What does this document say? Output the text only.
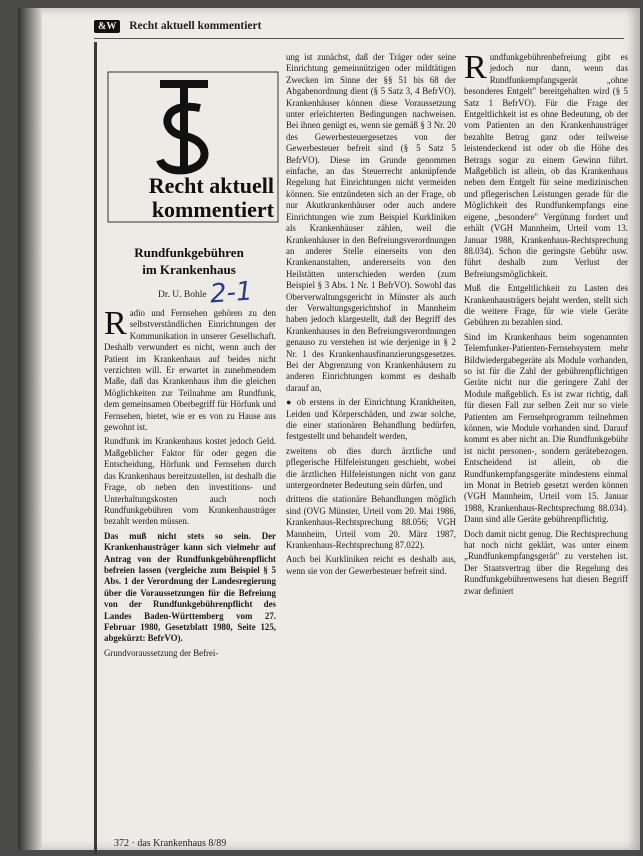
&W Recht aktuell kommentiert
Recht aktuell
kommentiert
Rundfunkgebühren
im Krankenhaus
Dr. U. Bohle 2-1

Radio und Fernsehen gehören zu den selbstverständlichen Einrichtungen der Kommunikation in unserer Gesellschaft. Deshalb verwundert es nicht, wenn auch der Patient im Krankenhaus auf beides nicht verzichten will. Er erwartet in zunehmendem Maße, daß das Krankenhaus ihm die gleichen Möglichkeiten zur Teilnahme am Rundfunk, dem gemeinsamen Oberbegriff für Hörfunk und Fernsehen, bietet, wie er es von zu Hause aus gewohnt ist.

Rundfunk im Krankenhaus kostet jedoch Geld. Maßgeblicher Faktor für oder gegen die Entscheidung, Hörfunk und Fernsehen durch das Krankenhaus bereitzustellen, ist deshalb die Frage, ob neben den investitions- und Unterhaltungskosten auch noch Rundfunkgebühren vom Krankenhausträger bezahlt werden müssen.

Das muß nicht stets so sein. Der Krankenhausträger kann sich vielmehr auf Antrag von der Rundfunkgebührenpflicht befreien lassen (vergleiche zum Beispiel § 5 Abs. 1 der Verordnung der Landesregierung über die Voraussetzungen für die Befreiung von der Rundfunkgebührenpflicht des Landes Baden-Württemberg vom 27. Februar 1980, Gesetzblatt 1980, Seite 125, abgekürzt: BefrVO).

Grundvoraussetzung der Befrei-

ung ist zunächst, daß der Träger oder seine Einrichtung gemeinnützigen oder mildtätigen Zwecken im Sinne der §§ 51 bis 68 der Abgabenordnung dient (§ 5 Satz 3, 4 BefrVO). Krankenhäuser können diese Voraussetzung unter erleichterten Bedingungen nachweisen. Bei ihnen genügt es, wenn sie gemäß § 3 Nr. 20 des Gewerbesteuergesetzes von der Gewerbesteuer befreit sind (§ 5 Satz 5 BefrVO). Diese im Grunde genommen einfache, an das Steuerrecht anknüpfende Regelung hat Einrichtungen nicht vermeiden können. Sie entzündeten sich an der Frage, ob nur Akutkrankenhäuser oder auch andere Einrichtungen wie zum Beispiel Kurkliniken als Krankenhäuser zählen, weil die Krankenhäuser in den Befreiungsverordnungen an anderer Stelle einerseits von den Krankenanstalten, andererseits von den Heilstätten unterschieden werden (zum Beispiel § 3 Abs. 1 Nr. 1 BefrVO). Sowohl das Oberverwaltungsgericht in Münster als auch der Verwaltungsgerichtshof in Mannheim haben jedoch klargestellt, daß der Begriff des Krankenhauses in den Befreiungsverordnungen genauso zu verstehen ist wie derjenige in § 2 Nr. 1 des Krankenhausfinanzierungsgesetzes. Bei der Abgrenzung von Krankenhäusern zu anderen Einrichtungen kommt es deshalb darauf an,

● ob erstens in der Einrichtung Krankheiten, Leiden und Körperschäden, und zwar solche, die einer stationären Behandlung bedürfen, festgestellt und behandelt werden,

zweitens ob dies durch ärztliche und pflegerische Hilfeleistungen geschieht, wobei die ärztlichen Hilfeleistungen nicht von ganz untergeordneter Bedeutung sein dürfen, und

drittens die stationäre Behandlungen möglich sind (OVG Münster, Urteil vom 20. Mai 1986, Krankenhaus-Rechtsprechung 88.056; VGH Mannheim, Urteil vom 20. März 1987, Krankenhaus-Rechtsprechung 87.022).

Auch bei Kurkliniken reicht es deshalb aus, wenn sie von der Gewerbesteuer befreit sind.

Rundfunkgebührenbefreiung gibt es jedoch nur dann, wenn das Rundfunkempfangsgerät „ohne besonderes Entgelt" bereitgehalten wird (§ 5 Satz 1 BefrVO). Für die Frage der Entgeltlichkeit ist es ohne Bedeutung, ob der vom Patienten an den Krankenhausträger bezahlte Betrag ganz oder teilweise leistendeckend ist oder ob die Höhe des Betrags sogar zu einem Gewinn führt. Maßgeblich ist allein, ob das Krankenhaus neben dem Entgelt für seine medizinischen und pflegerischen Leistungen gerade für die Möglichkeit des Rundfunkempfangs eine eigene, „besondere" Vergütung fordert und erhält (VGH Mannheim, Urteil vom 13. Januar 1988, Krankenhaus-Rechtsprechung 88.034). Schon die geringste Gebühr usw. führt deshalb zum Verlust der Befreiungsmöglichkeit.

Muß die Entgeltlichkeit zu Lasten des Krankenhausträgers bejaht werden, stellt sich die weitere Frage, für wie viele Geräte Gebühren zu bezahlen sind.

Sind im Krankenhaus beim sogenannten Telemfunker-Patienten-Fernsehsystem mehr Bildwiedergabegeräte als Module vorhanden, so ist für die Zahl der gebührenpflichtigen Geräte nicht nur die geringere Zahl der Module maßgeblich. Es ist zwar richtig, daß für diesen Fall zur selben Zeit nur so viele Patienten am Fernsehprogramm teilnehmen können, wie Module vorhanden sind. Darauf kommt es aber nicht an. Die Rundfunkgebühr ist nicht personen-, sondern gerätebezogen. Entscheidend ist allein, ob die Rundfunkempfangsgeräte mindestens einmal im Monat in Betrieb gesetzt werden können (VGH Mannheim, Urteil vom 15. Januar 1988, Krankenhaus-Rechtsprechung 88.034). Dann sind alle Geräte gebührenpflichtig.

Doch damit nicht genug. Die Rechtsprechung hat noch nicht geklärt, was unter einem „Rundfunkempfangsgerät" zu verstehen ist. Der Staatsvertrag über die Regelung des Rundfunkgebührenwesens hat diesen Begriff zwar definiert

372 · das Krankenhaus 8/89
